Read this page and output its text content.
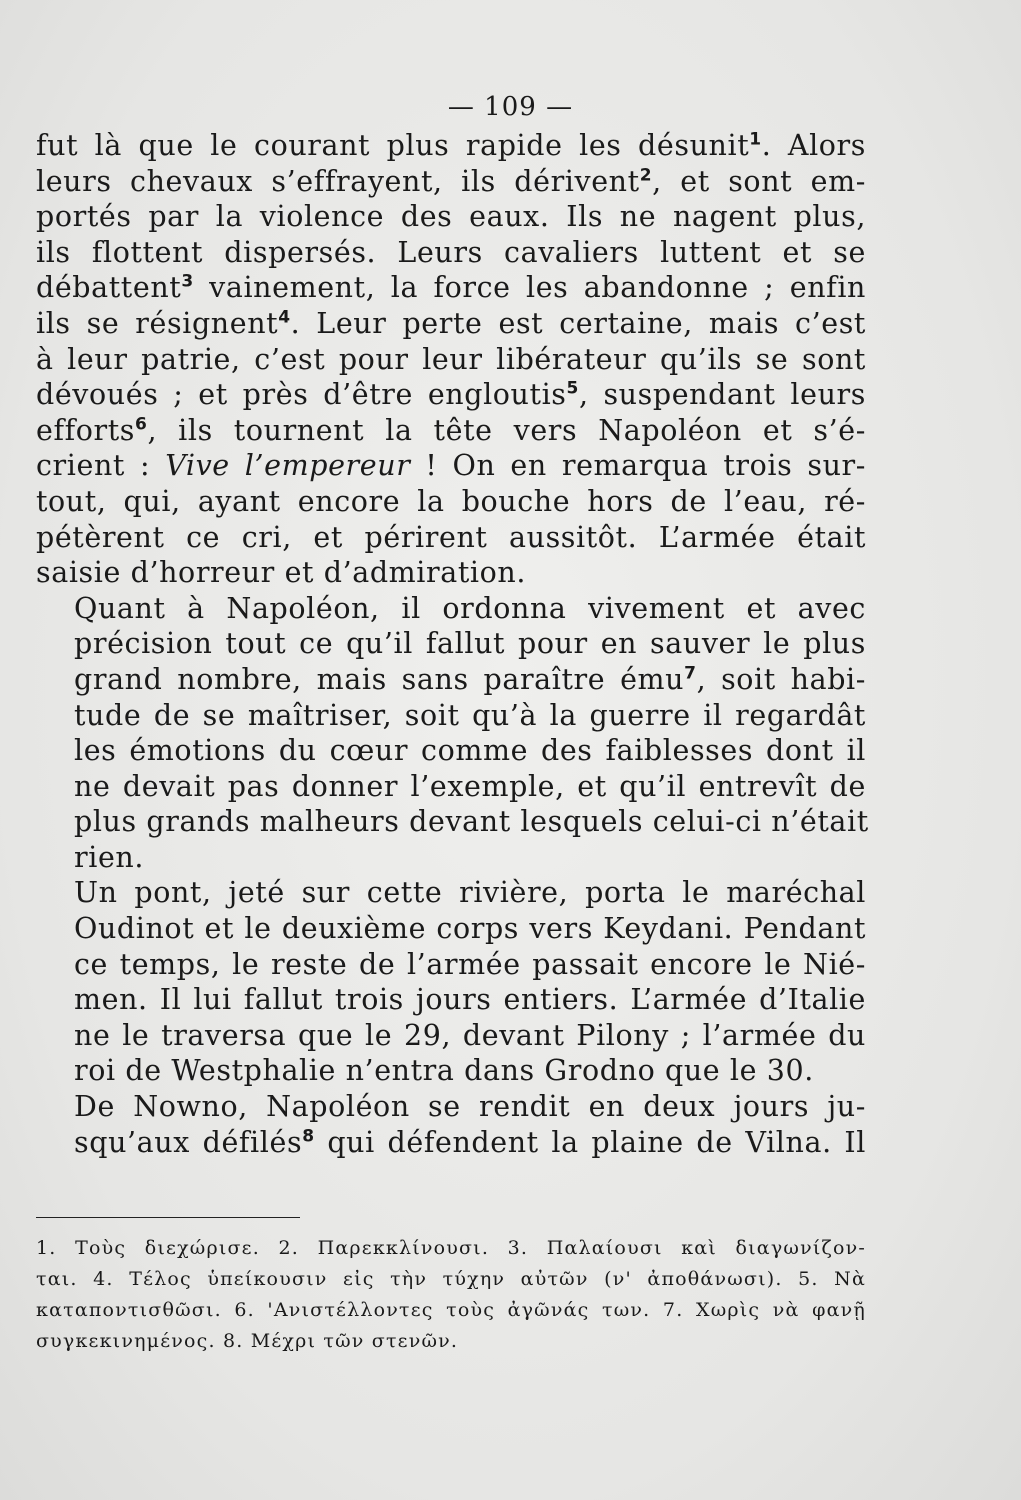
— 109 —
fut là que le courant plus rapide les désunit$^1$. Alors
leurs chevaux s’effrayent, ils dérivent$^2$, et sont em-
portés par la violence des eaux. Ils ne nagent plus,
ils flottent dispersés. Leurs cavaliers luttent et se
débattent$^3$ vainement, la force les abandonne ; enfin
ils se résignent$^4$. Leur perte est certaine, mais c’est
à leur patrie, c’est pour leur libérateur qu’ils se sont
dévoués ; et près d’être engloutis$^5$, suspendant leurs
efforts$^6$, ils tournent la tête vers Napoléon et s’é-
crient : Vive l’empereur ! On en remarqua trois sur-
tout, qui, ayant encore la bouche hors de l’eau, ré-
pétèrent ce cri, et périrent aussitôt. L’armée était
saisie d’horreur et d’admiration.
Quant à Napoléon, il ordonna vivement et avec
précision tout ce qu’il fallut pour en sauver le plus
grand nombre, mais sans paraître ému$^7$, soit habi-
tude de se maîtriser, soit qu’à la guerre il regardât
les émotions du cœur comme des faiblesses dont il
ne devait pas donner l’exemple, et qu’il entrevît de
plus grands malheurs devant lesquels celui-ci n’était
rien.
Un pont, jeté sur cette rivière, porta le maréchal
Oudinot et le deuxième corps vers Keydani. Pendant
ce temps, le reste de l’armée passait encore le Nié-
men. Il lui fallut trois jours entiers. L’armée d’Italie
ne le traversa que le 29, devant Pilony ; l’armée du
roi de Westphalie n’entra dans Grodno que le 30.
De Nowno, Napoléon se rendit en deux jours ju-
squ’aux défilés$^8$ qui défendent la plaine de Vilna. Il
1. Τοὺς διεχώρισε. 2. Παρεκκλίνουσι. 3. Παλαίουσι καὶ διαγωνίζον-
ται. 4. Τέλος ὑπείκουσιν εἰς τὴν τύχην αὐτῶν (ν' ἀποθάνωσι). 5. Νὰ
καταποντισθῶσι. 6. 'Ανιστέλλοντες τοὺς ἀγῶνάς των. 7. Χωρὶς νὰ φανῇ
συγκεκινημένος. 8. Μέχρι τῶν στενῶν.
